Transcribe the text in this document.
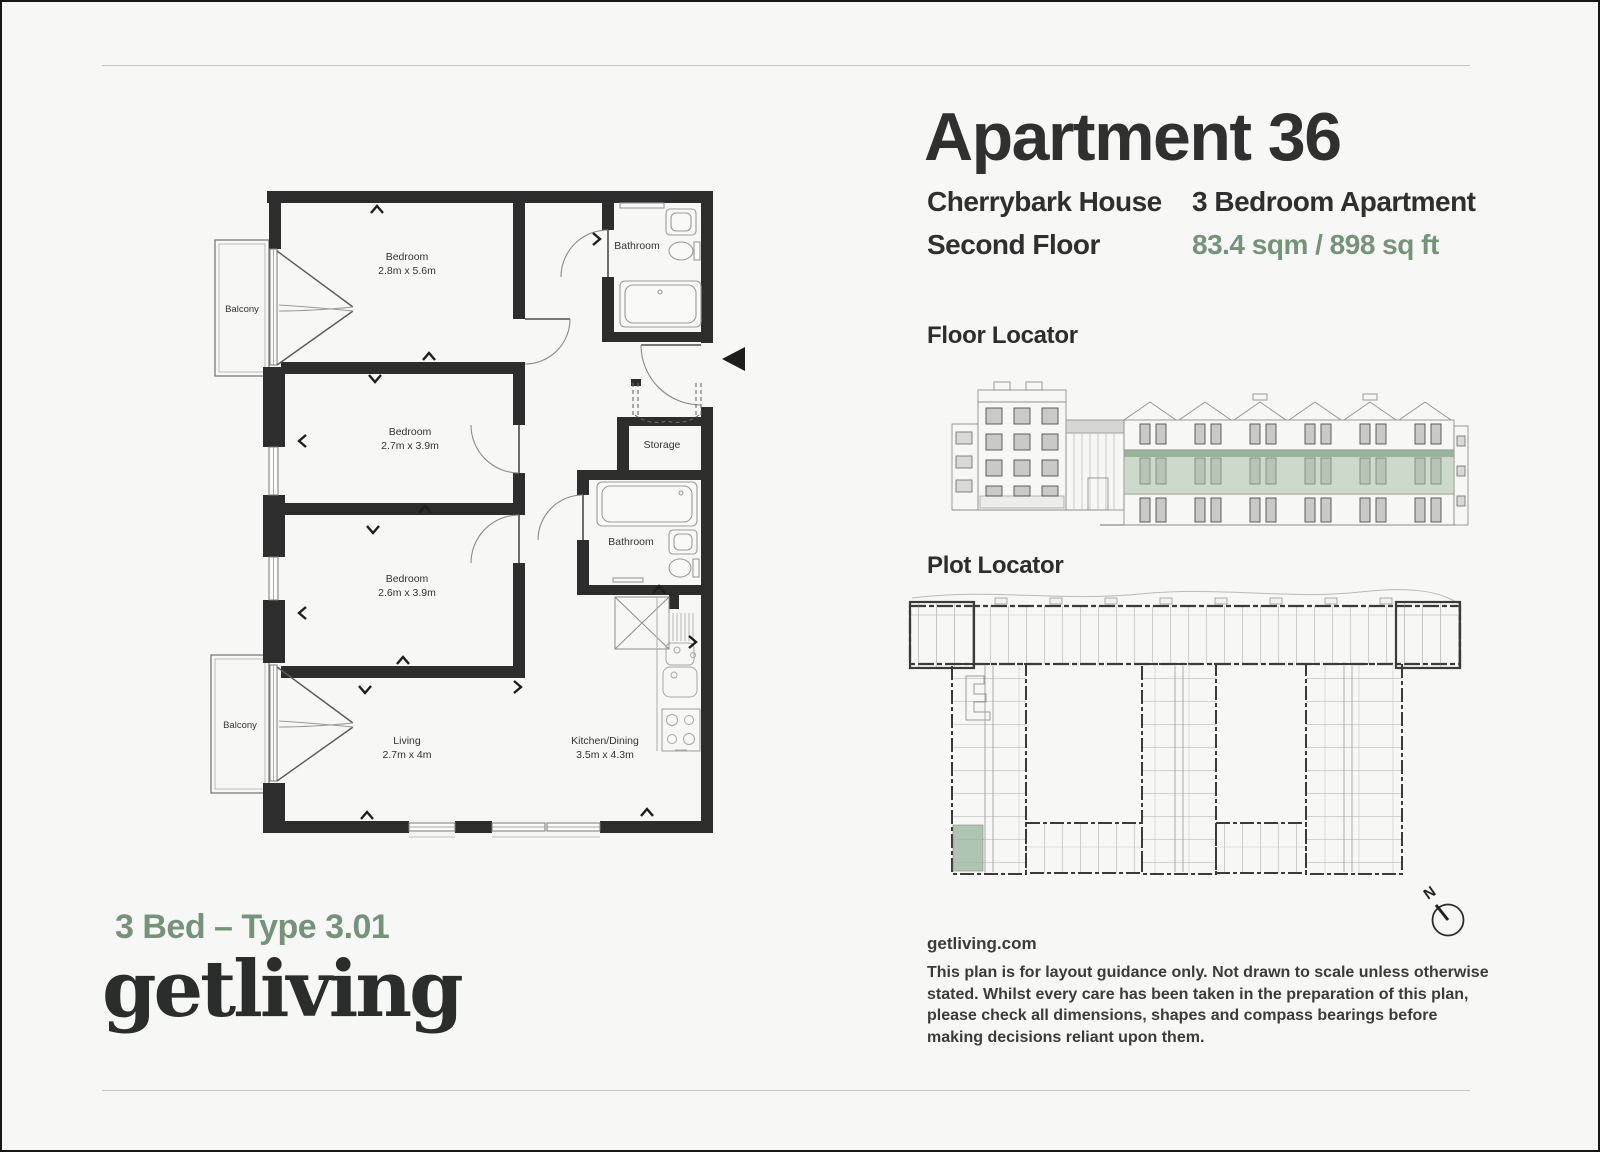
Apartment 36
Cherrybark House 3 Bedroom Apartment
Second Floor	83.4 sqm / 898 sq ft
Floor Locator
Plot Locator
Bedroom
2.8m x 5.6m
Bathroom
Bedroom
2.7m x 3.9m	Storage
Bathroom
Bedroom
2.6m x 3.9m
Living
2.7m x 4m
Kitchen/Dining
3.5m x 4.3m
Balcony
Balcony
N
getliving.com
This plan is for layout guidance only. Not drawn to scale unless otherwise stated. Whilst every care has been taken in the preparation of this plan, please check all dimensions, shapes and compass bearings before making decisions reliant upon them.
3 Bed – Type 3.01
getliving
